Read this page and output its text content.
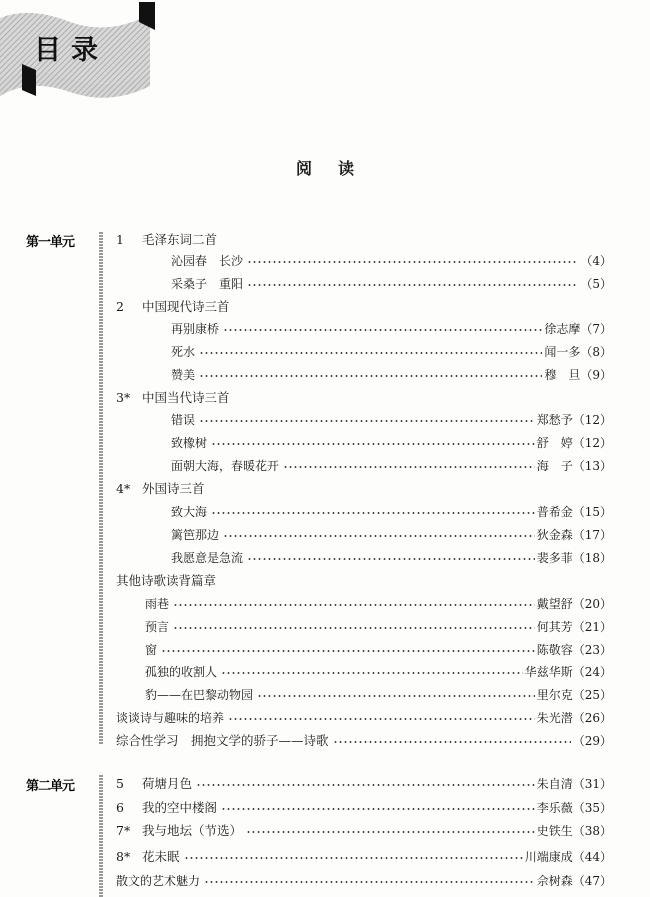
目录
阅读
第一单元	1	毛泽东词二首
沁园春　长沙	（4）
采桑子　重阳	（5）
2	中国现代诗三首
再别康桥	徐志摩（7）
死水	闻一多（8）
赞美	穆　旦（9）
3* 中国当代诗三首
错误	郑愁予（12）
致橡树	舒　婷（12）
面朝大海，春暖花开	海　子（13）
4* 外国诗三首
致大海	普希金（15）
篱笆那边	狄金森（17）
我愿意是急流	裴多菲（18）
其他诗歌读背篇章
雨巷	戴望舒（20）
预言	何其芳（21）
窗	陈敬容（23）
孤独的收割人	华兹华斯（24）
豹——在巴黎动物园	里尔克（25）
谈谈诗与趣味的培养	朱光潜（26）
综合性学习　拥抱文学的骄子——诗歌	（29）
第二单元	5	荷塘月色	朱自清（31）
6	我的空中楼阁	李乐薇（35）
7* 我与地坛（节选）	史铁生（38）
8* 花未眠	川端康成（44）
散文的艺术魅力	佘树森（47）
